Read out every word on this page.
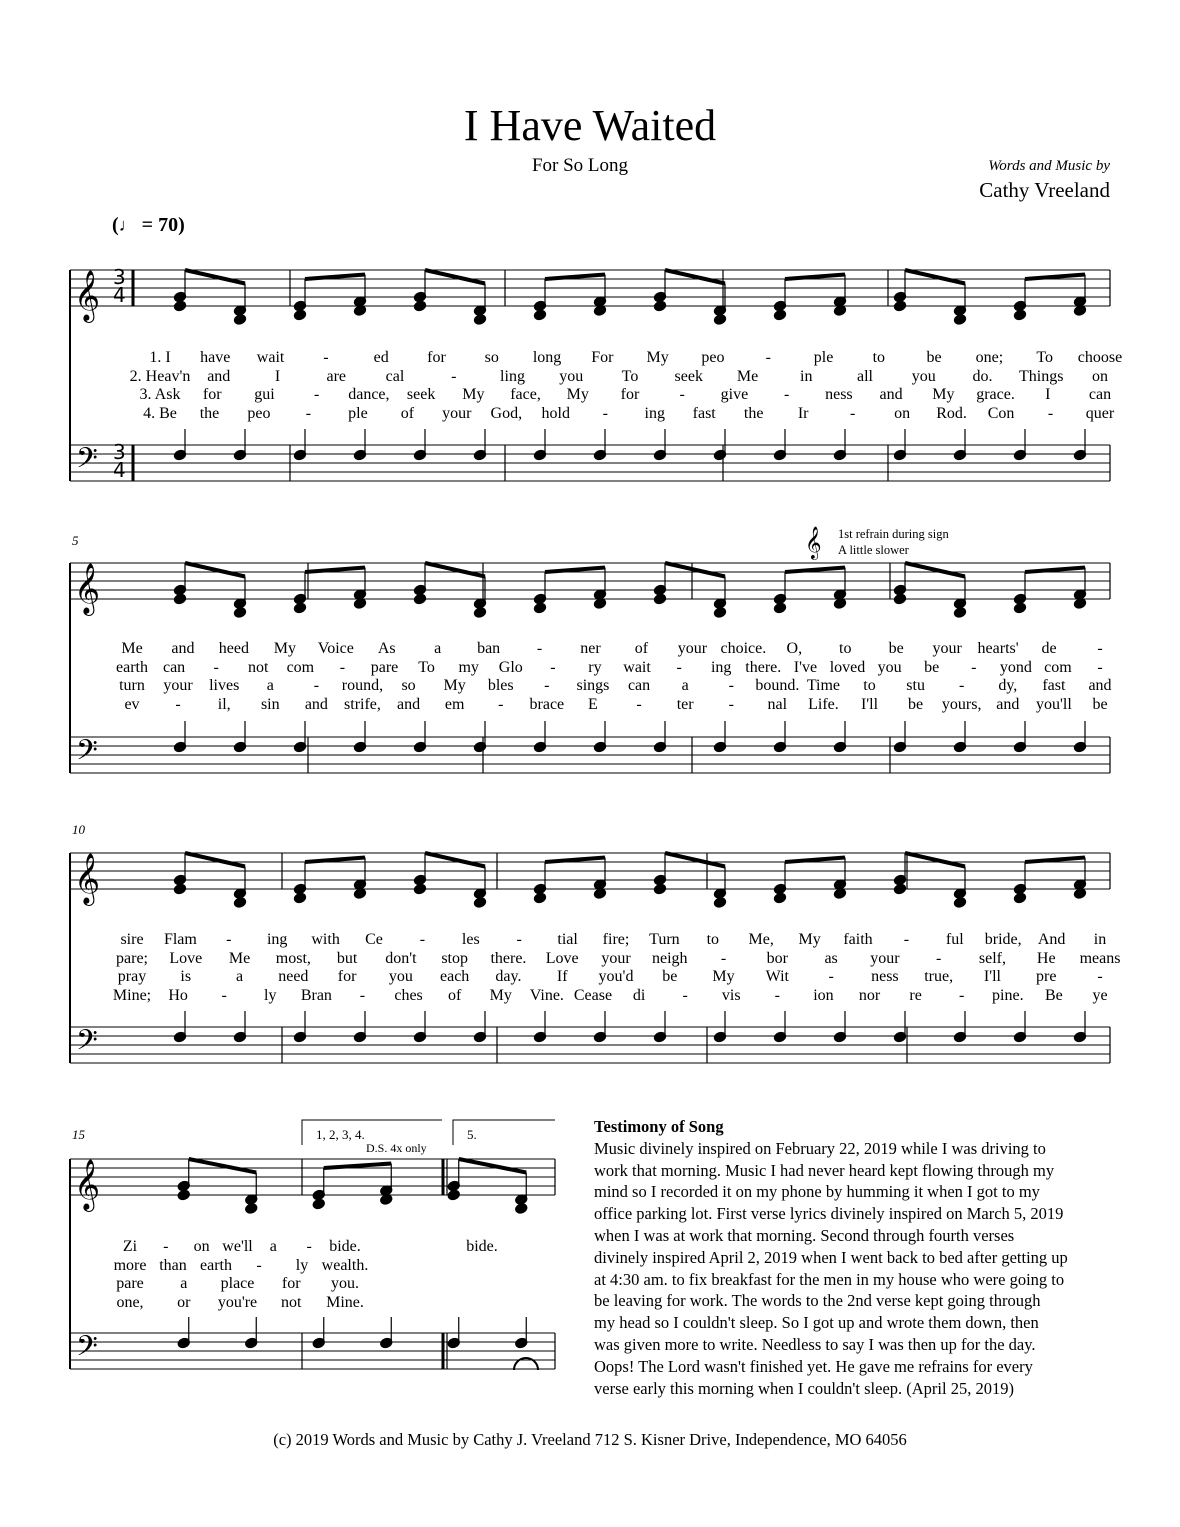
I Have Waited
For So Long	Words and Music by
Cathy Vreeland
(♩ = 70)
𝄞
𝄢
𝄞
𝄢
𝄞
𝄢
𝄞
𝄢
3
4
3
4
5
10
15
𝄞 1st refrain during sign
A little slower
1, 2, 3, 4.
D.S. 4x only
5.
1. I have wait -	ed for so long For My peo	-	ple to	be one; To choose
2. Heav'n and	I	are cal	-	ling you To seek Me	in	all you do. Things on
3. Ask for gui - dance, seek My face, My for	- give - ness and My grace. I can
4. Be the peo - ple of your God, hold - ing fast the Ir	- on Rod. Con - quer
Me and heed My Voice As a ban - ner of your choice. O, to be your hearts' de	-
earth can - not com - pare To my Glo - ry wait - ing there. I've loved you be - yond com -
turn your lives a - round, so My bles - sings can a - bound. Time to stu - dy, fast and
ev - il, sin and strife, and em - brace E - ter - nal Life. I'll be yours, and you'll be
sire Flam - ing with Ce - les - tial fire; Turn to Me, My faith - ful bride, And in
pare; Love Me most, but don't stop there. Love your neigh -	bor as your - self, He means
pray is	a need for you each day. If you'd be My Wit - ness true, I'll pre	-
Mine; Ho - ly Bran - ches of My Vine. Cease di - vis - ion nor re - pine. Be ye
Zi - on we'll a - bide.	bide.
more than earth - ly wealth.
pare a place for you.
one, or you're not Mine.
Testimony of Song
Music divinely inspired on February 22, 2019 while I was driving to
work that morning. Music I had never heard kept flowing through my
mind so I recorded it on my phone by humming it when I got to my
office parking lot. First verse lyrics divinely inspired on March 5, 2019
when I was at work that morning. Second through fourth verses
divinely inspired April 2, 2019 when I went back to bed after getting up
at 4:30 am. to fix breakfast for the men in my house who were going to
be leaving for work. The words to the 2nd verse kept going through
my head so I couldn't sleep. So I got up and wrote them down, then
was given more to write. Needless to say I was then up for the day.
Oops! The Lord wasn't finished yet. He gave me refrains for every
verse early this morning when I couldn't sleep. (April 25, 2019)
(c) 2019 Words and Music by Cathy J. Vreeland 712 S. Kisner Drive, Independence, MO 64056
